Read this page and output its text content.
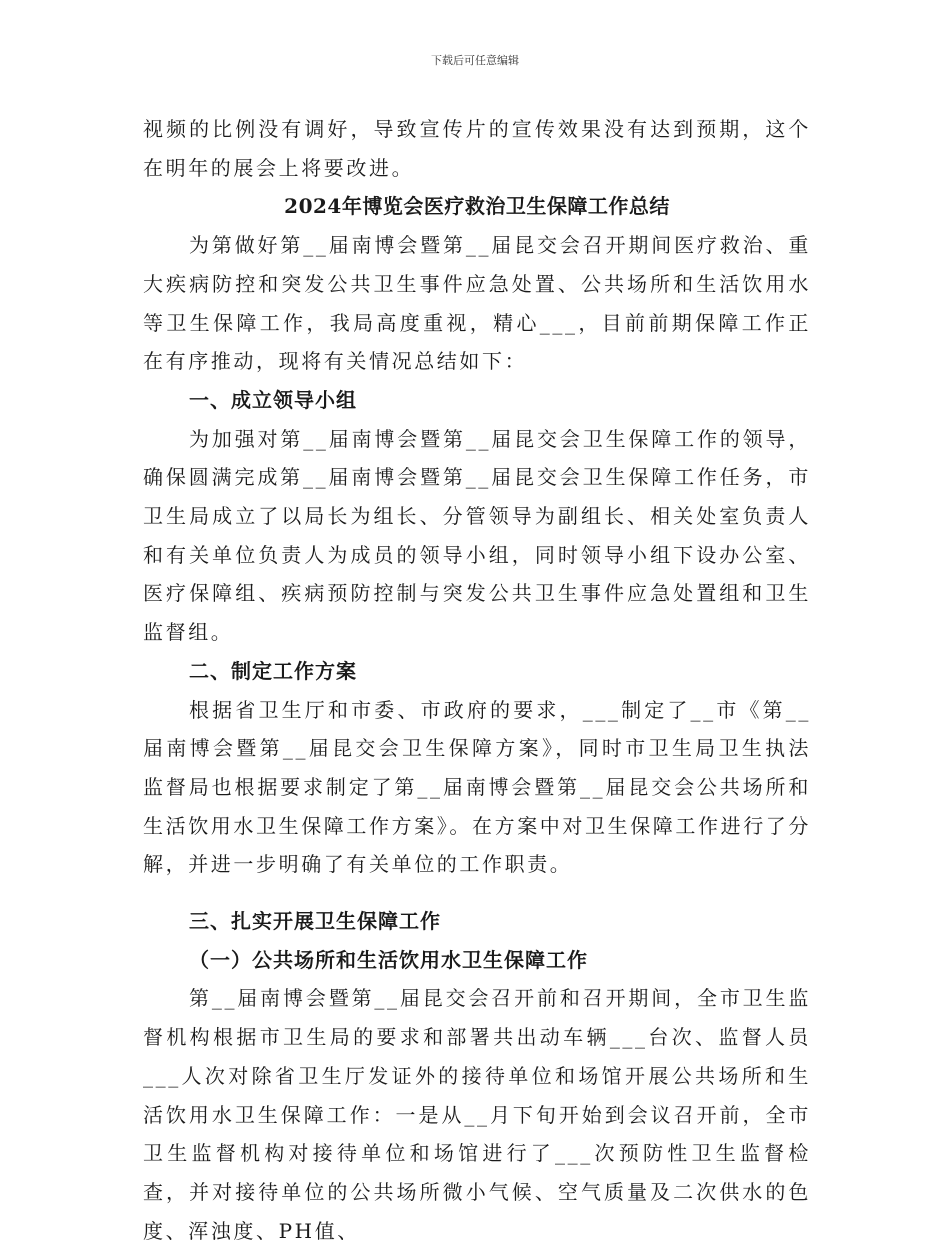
下载后可任意编辑

视频的比例没有调好，导致宣传片的宣传效果没有达到预期，这个在明年的展会上将要改进。

2024年博览会医疗救治卫生保障工作总结

为第做好第__届南博会暨第__届昆交会召开期间医疗救治、重大疾病防控和突发公共卫生事件应急处置、公共场所和生活饮用水等卫生保障工作，我局高度重视，精心___，目前前期保障工作正在有序推动，现将有关情况总结如下：

一、成立领导小组

为加强对第__届南博会暨第__届昆交会卫生保障工作的领导，确保圆满完成第__届南博会暨第__届昆交会卫生保障工作任务，市卫生局成立了以局长为组长、分管领导为副组长、相关处室负责人和有关单位负责人为成员的领导小组，同时领导小组下设办公室、医疗保障组、疾病预防控制与突发公共卫生事件应急处置组和卫生监督组。

二、制定工作方案

根据省卫生厅和市委、市政府的要求，___制定了__市《第__届南博会暨第__届昆交会卫生保障方案》，同时市卫生局卫生执法监督局也根据要求制定了第__届南博会暨第__届昆交会公共场所和生活饮用水卫生保障工作方案》。在方案中对卫生保障工作进行了分解，并进一步明确了有关单位的工作职责。

三、扎实开展卫生保障工作

（一）公共场所和生活饮用水卫生保障工作

第__届南博会暨第__届昆交会召开前和召开期间，全市卫生监督机构根据市卫生局的要求和部署共出动车辆___台次、监督人员___人次对除省卫生厅发证外的接待单位和场馆开展公共场所和生活饮用水卫生保障工作：一是从__月下旬开始到会议召开前，全市卫生监督机构对接待单位和场馆进行了___次预防性卫生监督检查，并对接待单位的公共场所微小气候、空气质量及二次供水的色度、浑浊度、PH值、
